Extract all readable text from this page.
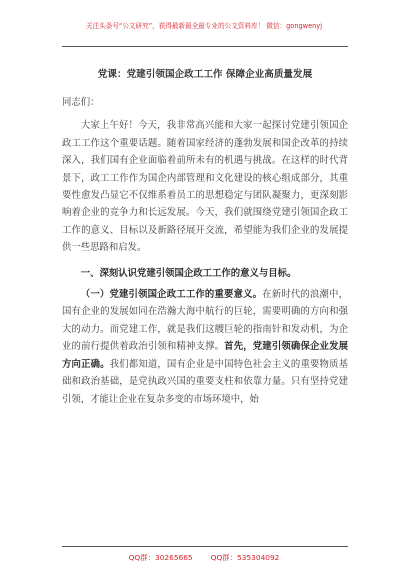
关注头条号“公文研究”，获得最新最全最专业的公文资料库！ 微信：gongwenyj
党课：党建引领国企政工工作 保障企业高质量发展

同志们：

大家上午好！今天，我非常高兴能和大家一起探讨党建引领国企政工工作这个重要话题。随着国家经济的蓬勃发展和国企改革的持续深入，我们国有企业面临着前所未有的机遇与挑战。在这样的时代背景下，政工工作作为国企内部管理和文化建设的核心组成部分，其重要性愈发凸显它不仅维系着员工的思想稳定与团队凝聚力，更深刻影响着企业的竞争力和长远发展。今天，我们就围绕党建引领国企政工工作的意义、目标以及新路径展开交流，希望能为我们企业的发展提供一些思路和启发。

一、深刻认识党建引领国企政工工作的意义与目标。

（一）党建引领国企政工工作的重要意义。在新时代的浪潮中，国有企业的发展如同在浩瀚大海中航行的巨轮，需要明确的方向和强大的动力。而党建工作，就是我们这艘巨轮的指南针和发动机，为企业的前行提供着政治引领和精神支撑。首先，党建引领确保企业发展方向正确。我们都知道，国有企业是中国特色社会主义的重要物质基础和政治基础，是党执政兴国的重要支柱和依靠力量。只有坚持党建引领，才能让企业在复杂多变的市场环境中，始

QQ群：30265665 QQ群：535304092
